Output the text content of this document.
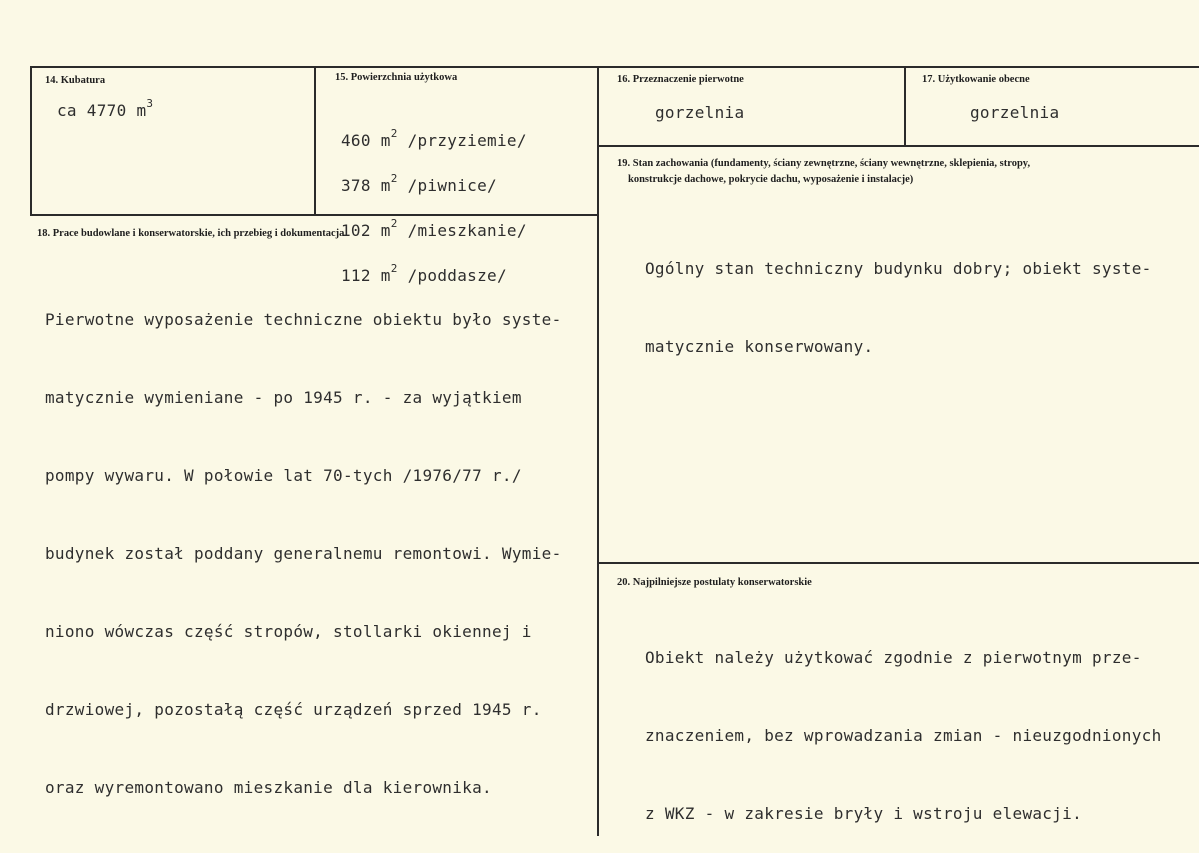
14. Kubatura
ca 4770 $m^3$
15. Powierzchnia użytkowa

460 $m^2$ /przyziemie/

378 $m^2$ /piwnice/

102 $m^2$ /mieszkanie/

112 $m^2$ /poddasze/

16. Przeznaczenie pierwotne
gorzelnia
17. Użytkowanie obecne
gorzelnia
18. Prace budowlane i konserwatorskie, ich przebieg i dokumentacja

Pierwotne wyposażenie techniczne obiektu było syste-

matycznie wymieniane - po 1945 r. - za wyjątkiem

pompy wywaru. W połowie lat 70-tych /1976/77 r./

budynek został poddany generalnemu remontowi. Wymie-

niono wówczas część stropów, stollarki okiennej i

drzwiowej, pozostałą część urządzeń sprzed 1945 r.

oraz wyremontowano mieszkanie dla kierownika.

19. Stan zachowania (fundamenty, ściany zewnętrzne, ściany wewnętrzne, sklepienia, stropy,
konstrukcje dachowe, pokrycie dachu, wyposażenie i instalacje)

Ogólny stan techniczny budynku dobry; obiekt syste-

matycznie konserwowany.

20. Najpilniejsze postulaty konserwatorskie

Obiekt należy użytkować zgodnie z pierwotnym prze-

znaczeniem, bez wprowadzania zmian - nieuzgodnionych

z WKZ - w zakresie bryły i wstroju elewacji.
